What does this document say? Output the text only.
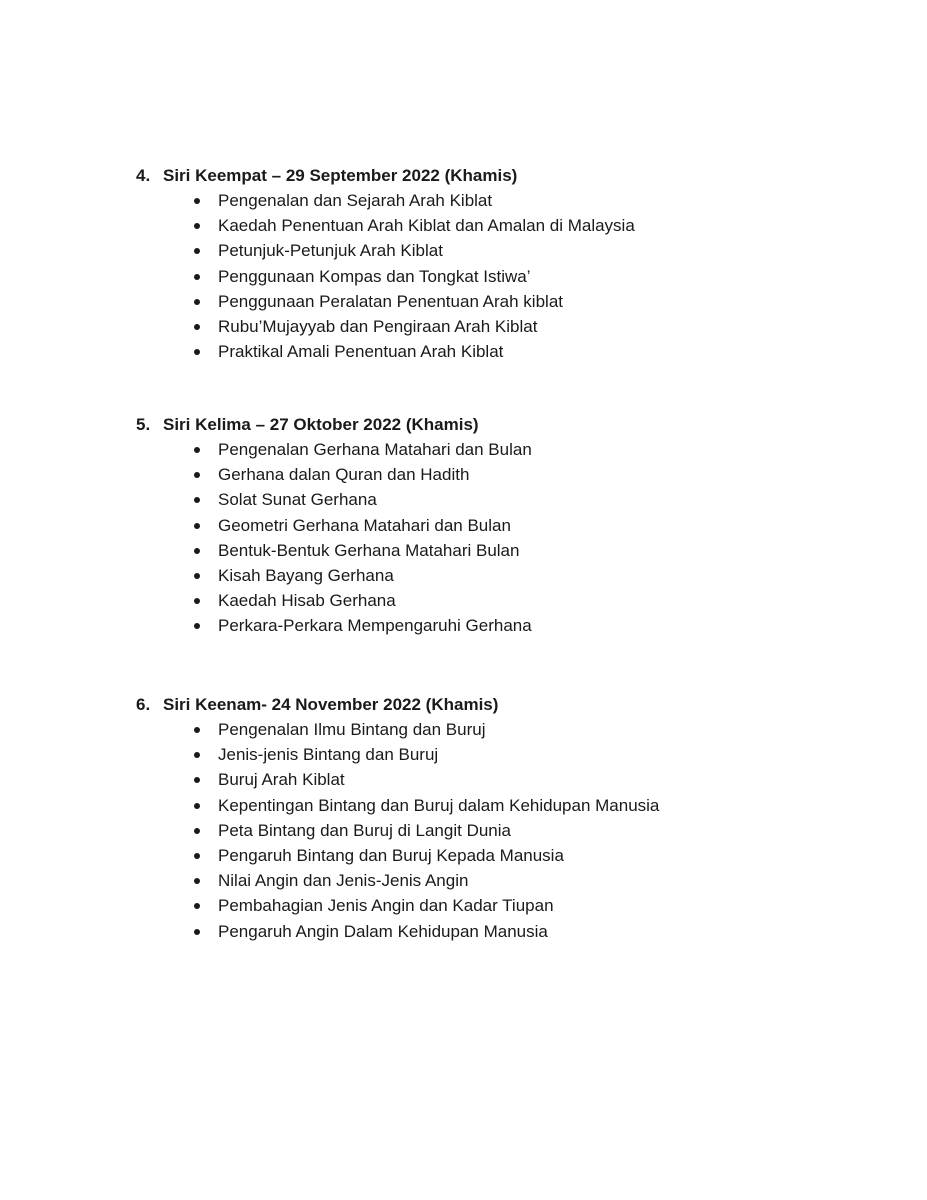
4. Siri Keempat – 29 September 2022 (Khamis)
Pengenalan dan Sejarah Arah Kiblat
Kaedah Penentuan Arah Kiblat dan Amalan di Malaysia
Petunjuk-Petunjuk Arah Kiblat
Penggunaan Kompas dan Tongkat Istiwa’
Penggunaan Peralatan Penentuan Arah kiblat
Rubu’Mujayyab dan Pengiraan Arah Kiblat
Praktikal Amali Penentuan Arah Kiblat
5. Siri Kelima – 27 Oktober 2022 (Khamis)
Pengenalan Gerhana Matahari dan Bulan
Gerhana dalan Quran dan Hadith
Solat Sunat Gerhana
Geometri Gerhana Matahari dan Bulan
Bentuk-Bentuk Gerhana Matahari Bulan
Kisah Bayang Gerhana
Kaedah Hisab Gerhana
Perkara-Perkara Mempengaruhi Gerhana
6. Siri Keenam- 24 November 2022 (Khamis)
Pengenalan Ilmu Bintang dan Buruj
Jenis-jenis Bintang dan Buruj
Buruj Arah Kiblat
Kepentingan Bintang dan Buruj dalam Kehidupan Manusia
Peta Bintang dan Buruj di Langit Dunia
Pengaruh Bintang dan Buruj Kepada Manusia
Nilai Angin dan Jenis-Jenis Angin
Pembahagian Jenis Angin dan Kadar Tiupan
Pengaruh Angin Dalam Kehidupan Manusia
